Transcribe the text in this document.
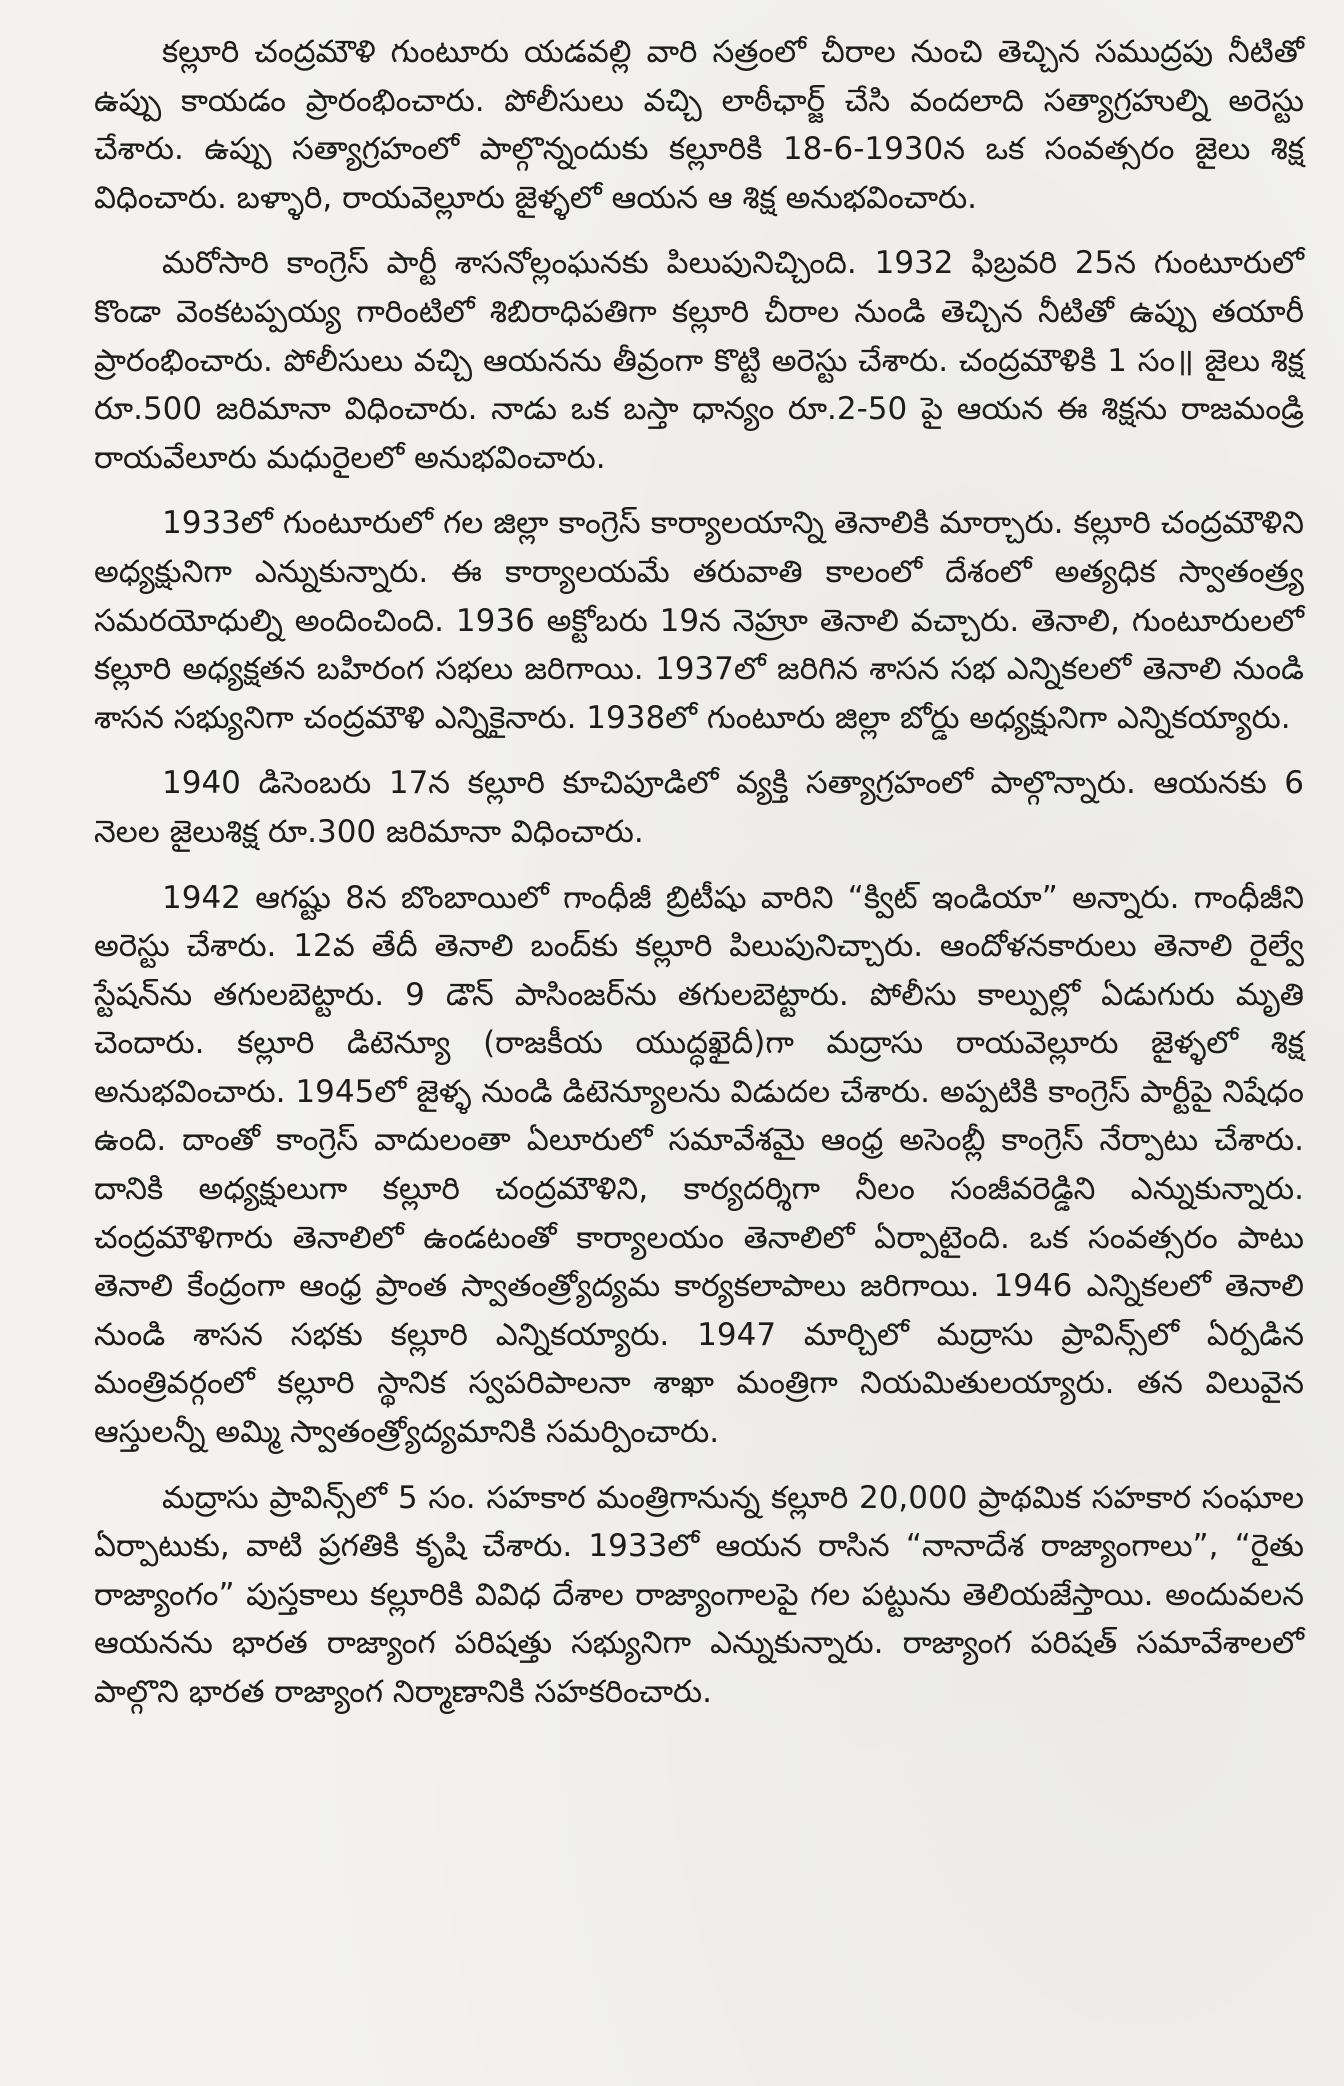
కల్లూరి చంద్రమౌళి గుంటూరు యడవల్లి వారి సత్రంలో చీరాల నుంచి తెచ్చిన సముద్రపు నీటితో ఉప్పు కాయడం ప్రారంభించారు. పోలీసులు వచ్చి లాఠీఛార్జ్ చేసి వందలాది సత్యాగ్రహుల్ని అరెస్టు చేశారు. ఉప్పు సత్యాగ్రహంలో పాల్గొన్నందుకు కల్లూరికి 18-6-1930న ఒక సంవత్సరం జైలు శిక్ష విధించారు. బళ్ళారి, రాయవెల్లూరు జైళ్ళలో ఆయన ఆ శిక్ష అనుభవించారు.

మరోసారి కాంగ్రెస్ పార్టీ శాసనోల్లంఘనకు పిలుపునిచ్చింది. 1932 ఫిబ్రవరి 25న గుంటూరులో కొండా వెంకటప్పయ్య గారింటిలో శిబిరాధిపతిగా కల్లూరి చీరాల నుండి తెచ్చిన నీటితో ఉప్పు తయారీ ప్రారంభించారు. పోలీసులు వచ్చి ఆయనను తీవ్రంగా కొట్టి అరెస్టు చేశారు. చంద్రమౌళికి 1 సం॥ జైలు శిక్ష రూ.500 జరిమానా విధించారు. నాడు ఒక బస్తా ధాన్యం రూ.2-50 పై ఆయన ఈ శిక్షను రాజమండ్రి రాయవేలూరు మధురైలలో అనుభవించారు.

1933లో గుంటూరులో గల జిల్లా కాంగ్రెస్ కార్యాలయాన్ని తెనాలికి మార్చారు. కల్లూరి చంద్రమౌళిని అధ్యక్షునిగా ఎన్నుకున్నారు. ఈ కార్యాలయమే తరువాతి కాలంలో దేశంలో అత్యధిక స్వాతంత్ర్య సమరయోధుల్ని అందించింది. 1936 అక్టోబరు 19న నెహ్రూ తెనాలి వచ్చారు. తెనాలి, గుంటూరులలో కల్లూరి అధ్యక్షతన బహిరంగ సభలు జరిగాయి. 1937లో జరిగిన శాసన సభ ఎన్నికలలో తెనాలి నుండి శాసన సభ్యునిగా చంద్రమౌళి ఎన్నికైనారు. 1938లో గుంటూరు జిల్లా బోర్డు అధ్యక్షునిగా ఎన్నికయ్యారు.

1940 డిసెంబరు 17న కల్లూరి కూచిపూడిలో వ్యక్తి సత్యాగ్రహంలో పాల్గొన్నారు. ఆయనకు 6 నెలల జైలుశిక్ష రూ.300 జరిమానా విధించారు.

1942 ఆగష్టు 8న బొంబాయిలో గాంధీజీ బ్రిటీషు వారిని “క్విట్ ఇండియా” అన్నారు. గాంధీజీని అరెస్టు చేశారు. 12వ తేదీ తెనాలి బంద్‌కు కల్లూరి పిలుపునిచ్చారు. ఆందోళనకారులు తెనాలి రైల్వే స్టేషన్‌ను తగులబెట్టారు. 9 డౌన్ పాసింజర్‌ను తగులబెట్టారు. పోలీసు కాల్పుల్లో ఏడుగురు మృతి చెందారు. కల్లూరి డిటెన్యూ (రాజకీయ యుద్ధఖైదీ)గా మద్రాసు రాయవెల్లూరు జైళ్ళలో శిక్ష అనుభవించారు. 1945లో జైళ్ళ నుండి డిటెన్యూలను విడుదల చేశారు. అప్పటికి కాంగ్రెస్ పార్టీపై నిషేధం ఉంది. దాంతో కాంగ్రెస్ వాదులంతా ఏలూరులో సమావేశమై ఆంధ్ర అసెంబ్లీ కాంగ్రెస్ నేర్పాటు చేశారు. దానికి అధ్యక్షులుగా కల్లూరి చంద్రమౌళిని, కార్యదర్శిగా నీలం సంజీవరెడ్డిని ఎన్నుకున్నారు. చంద్రమౌళిగారు తెనాలిలో ఉండటంతో కార్యాలయం తెనాలిలో ఏర్పాటైంది. ఒక సంవత్సరం పాటు తెనాలి కేంద్రంగా ఆంధ్ర ప్రాంత స్వాతంత్ర్యోద్యమ కార్యకలాపాలు జరిగాయి. 1946 ఎన్నికలలో తెనాలి నుండి శాసన సభకు కల్లూరి ఎన్నికయ్యారు. 1947 మార్చిలో మద్రాసు ప్రావిన్స్‌లో ఏర్పడిన మంత్రివర్గంలో కల్లూరి స్థానిక స్వపరిపాలనా శాఖా మంత్రిగా నియమితులయ్యారు. తన విలువైన ఆస్తులన్నీ అమ్మి స్వాతంత్ర్యోద్యమానికి సమర్పించారు.

మద్రాసు ప్రావిన్స్‌లో 5 సం. సహకార మంత్రిగానున్న కల్లూరి 20,000 ప్రాథమిక సహకార సంఘాల ఏర్పాటుకు, వాటి ప్రగతికి కృషి చేశారు. 1933లో ఆయన రాసిన “నానాదేశ రాజ్యాంగాలు”, “రైతు రాజ్యాంగం” పుస్తకాలు కల్లూరికి వివిధ దేశాల రాజ్యాంగాలపై గల పట్టును తెలియజేస్తాయి. అందువలన ఆయనను భారత రాజ్యాంగ పరిషత్తు సభ్యునిగా ఎన్నుకున్నారు. రాజ్యాంగ పరిషత్ సమావేశాలలో పాల్గొని భారత రాజ్యాంగ నిర్మాణానికి సహకరించారు.
